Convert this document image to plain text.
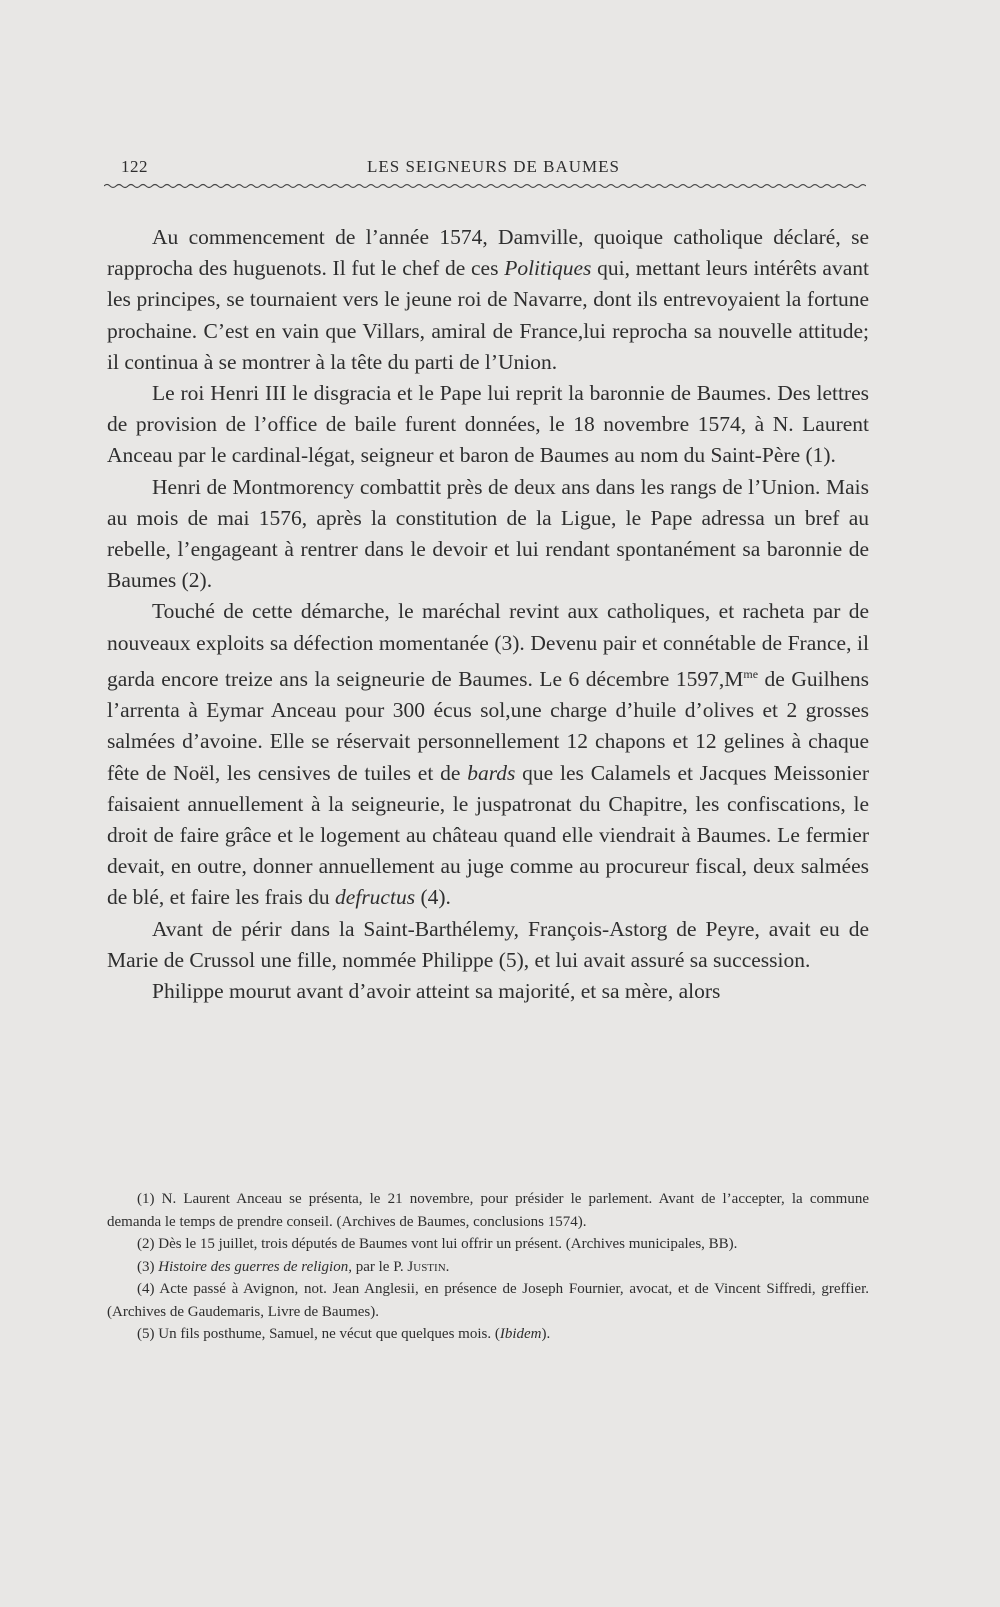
122	LES SEIGNEURS DE BAUMES

Au commencement de l’année 1574, Damville, quoique catholique déclaré, se rapprocha des huguenots. Il fut le chef de ces Politiques qui, mettant leurs intérêts avant les principes, se tournaient vers le jeune roi de Navarre, dont ils entrevoyaient la fortune prochaine. C’est en vain que Villars, amiral de France,lui reprocha sa nouvelle attitude; il continua à se montrer à la tête du parti de l’Union.

Le roi Henri III le disgracia et le Pape lui reprit la baronnie de Baumes. Des lettres de provision de l’office de baile furent données, le 18 novembre 1574, à N. Laurent Anceau par le cardinal-légat, seigneur et baron de Baumes au nom du Saint-Père (1).

Henri de Montmorency combattit près de deux ans dans les rangs de l’Union. Mais au mois de mai 1576, après la constitution de la Ligue, le Pape adressa un bref au rebelle, l’engageant à rentrer dans le devoir et lui rendant spontanément sa baronnie de Baumes (2).

Touché de cette démarche, le maréchal revint aux catholiques, et racheta par de nouveaux exploits sa défection momentanée (3). Devenu pair et connétable de France, il garda encore treize ans la seigneurie de Baumes. Le 6 décembre $1597,M^{me}$ de Guilhens l’arrenta à Eymar Anceau pour 300 écus sol,une charge d’huile d’olives et 2 grosses salmées d’avoine. Elle se réservait personnellement 12 chapons et 12 gelines à chaque fête de Noël, les censives de tuiles et de bards que les Calamels et Jacques Meissonier faisaient annuellement à la seigneurie, le juspatronat du Chapitre, les confiscations, le droit de faire grâce et le logement au château quand elle viendrait à Baumes. Le fermier devait, en outre, donner annuellement au juge comme au procureur fiscal, deux salmées de blé, et faire les frais du defructus (4).

Avant de périr dans la Saint-Barthélemy, François-Astorg de Peyre, avait eu de Marie de Crussol une fille, nommée Philippe (5), et lui avait assuré sa succession.

Philippe mourut avant d’avoir atteint sa majorité, et sa mère, alors

(1) N. Laurent Anceau se présenta, le 21 novembre, pour présider le parlement. Avant de l’accepter, la commune demanda le temps de prendre conseil. (Archives de Baumes, conclusions 1574).

(2) Dès le 15 juillet, trois députés de Baumes vont lui offrir un présent. (Archives municipales, BB).

(3) Histoire des guerres de religion, par le P. Justin.

(4) Acte passé à Avignon, not. Jean Anglesii, en présence de Joseph Fournier, avocat, et de Vincent Siffredi, greffier. (Archives de Gaudemaris, Livre de Baumes).

(5) Un fils posthume, Samuel, ne vécut que quelques mois. (Ibidem).
